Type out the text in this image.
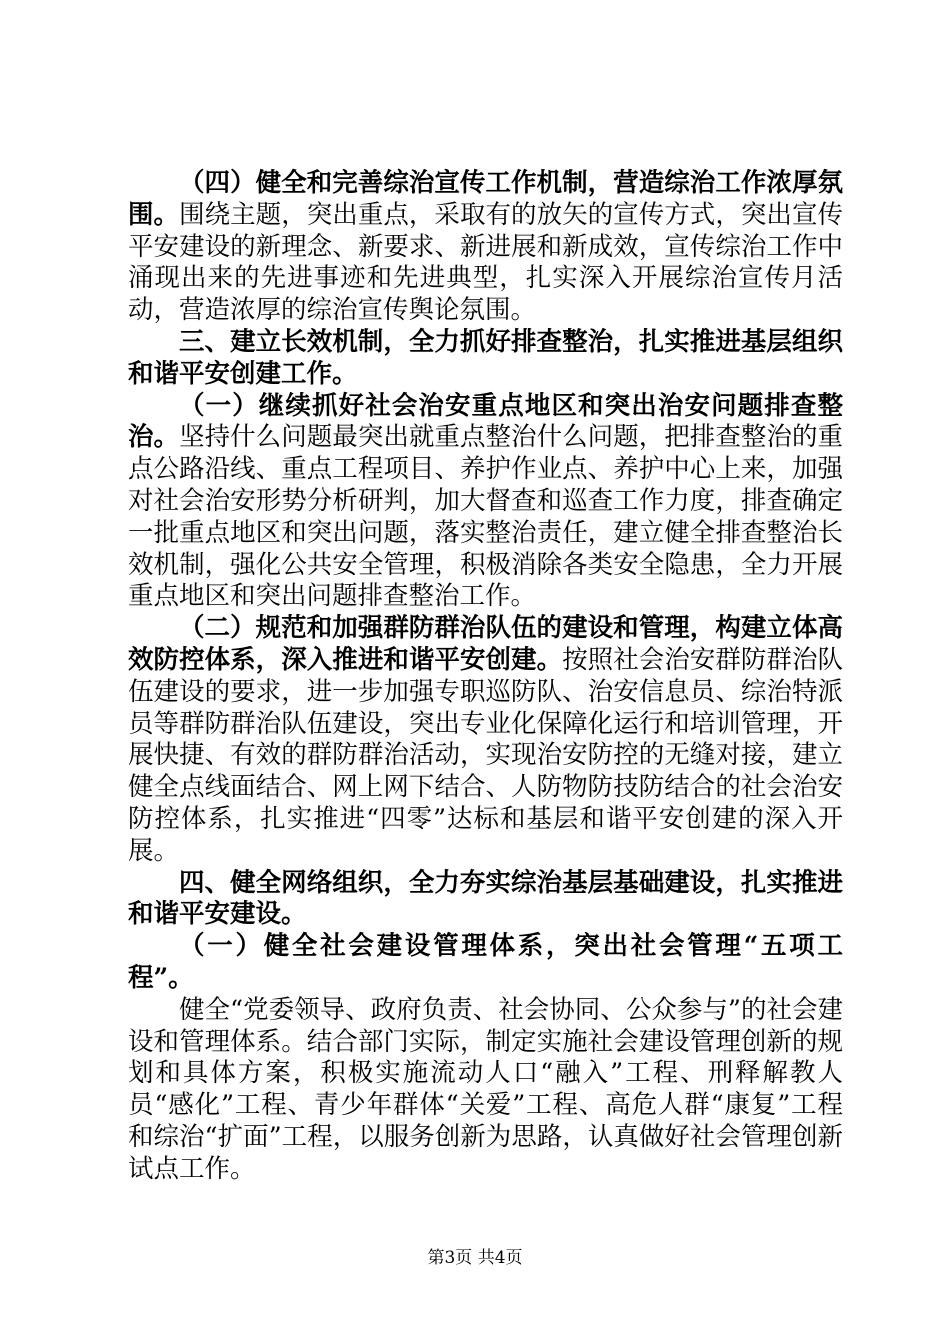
（四）健全和完善综治宣传工作机制，营造综治工作浓厚氛围。围绕主题，突出重点，采取有的放矢的宣传方式，突出宣传平安建设的新理念、新要求、新进展和新成效，宣传综治工作中涌现出来的先进事迹和先进典型，扎实深入开展综治宣传月活动，营造浓厚的综治宣传舆论氛围。

三、建立长效机制，全力抓好排查整治，扎实推进基层组织和谐平安创建工作。

（一）继续抓好社会治安重点地区和突出治安问题排查整治。坚持什么问题最突出就重点整治什么问题，把排查整治的重点公路沿线、重点工程项目、养护作业点、养护中心上来，加强对社会治安形势分析研判，加大督查和巡查工作力度，排查确定一批重点地区和突出问题，落实整治责任，建立健全排查整治长效机制，强化公共安全管理，积极消除各类安全隐患，全力开展重点地区和突出问题排查整治工作。

（二）规范和加强群防群治队伍的建设和管理，构建立体高效防控体系，深入推进和谐平安创建。按照社会治安群防群治队伍建设的要求，进一步加强专职巡防队、治安信息员、综治特派员等群防群治队伍建设，突出专业化保障化运行和培训管理，开展快捷、有效的群防群治活动，实现治安防控的无缝对接，建立健全点线面结合、网上网下结合、人防物防技防结合的社会治安防控体系，扎实推进“四零”达标和基层和谐平安创建的深入开展。

四、健全网络组织，全力夯实综治基层基础建设，扎实推进和谐平安建设。

（一）健全社会建设管理体系，突出社会管理“五项工程”。

健全“党委领导、政府负责、社会协同、公众参与”的社会建设和管理体系。结合部门实际，制定实施社会建设管理创新的规划和具体方案，积极实施流动人口“融入”工程、刑释解教人员“感化”工程、青少年群体“关爱”工程、高危人群“康复”工程和综治“扩面”工程，以服务创新为思路，认真做好社会管理创新试点工作。

第3页 共4页
